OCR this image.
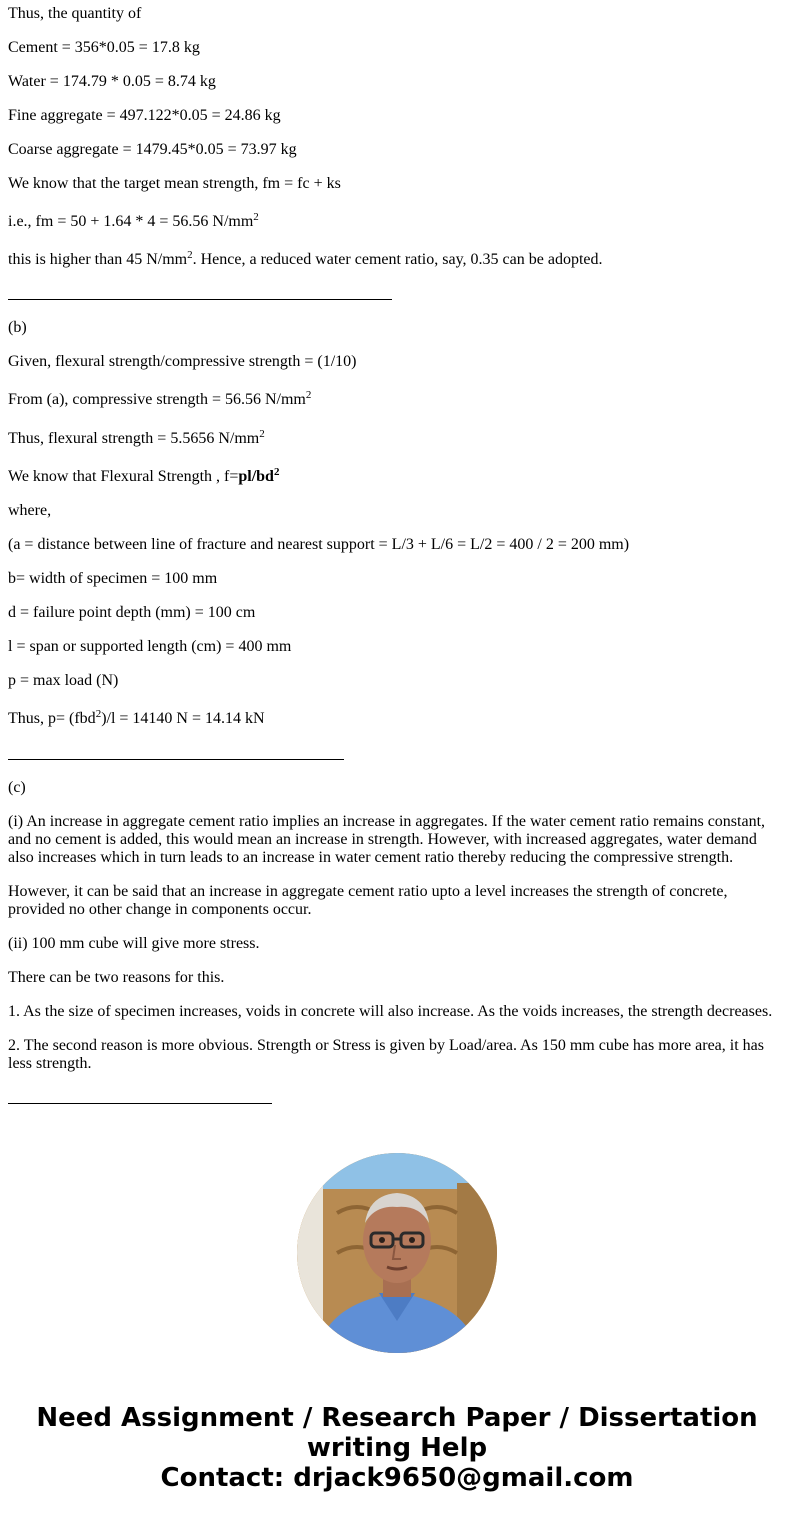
Thus, the quantity of

Cement = 356*0.05 = 17.8 kg

Water = 174.79 * 0.05 = 8.74 kg

Fine aggregate = 497.122*0.05 = 24.86 kg

Coarse aggregate = 1479.45*0.05 = 73.97 kg

We know that the target mean strength, fm = fc + ks

i.e., fm = 50 + 1.64 * 4 = 56.56 $N/mm^2$

this is higher than 45 $N/mm^2$. Hence, a reduced water cement ratio, say, 0.35 can be adopted.

(b)

Given, flexural strength/compressive strength = (1/10)

From (a), compressive strength = 56.56 $N/mm^2$

Thus, flexural strength = 5.5656 $N/mm^2$

We know that Flexural Strength , $f=pl/bd^2$

where,

(a = distance between line of fracture and nearest support = L/3 + L/6 = L/2 = 400 / 2 = 200 mm)

b= width of specimen = 100 mm

d = failure point depth (mm) = 100 cm

l = span or supported length (cm) = 400 mm

p = max load (N)

Thus, p= (fbd$^2$)/l = 14140 N = 14.14 kN

(c)

(i) An increase in aggregate cement ratio implies an increase in aggregates. If the water cement ratio remains constant, and no cement is added, this would mean an increase in strength. However, with increased aggregates, water demand also increases which in turn leads to an increase in water cement ratio thereby reducing the compressive strength.

However, it can be said that an increase in aggregate cement ratio upto a level increases the strength of concrete, provided no other change in components occur.

(ii) 100 mm cube will give more stress.

There can be two reasons for this.

1. As the size of specimen increases, voids in concrete will also increase. As the voids increases, the strength decreases.

2. The second reason is more obvious. Strength or Stress is given by Load/area. As 150 mm cube has more area, it has less strength.

Need Assignment / Research Paper / Dissertation
writing Help
Contact: drjack9650@gmail.com
